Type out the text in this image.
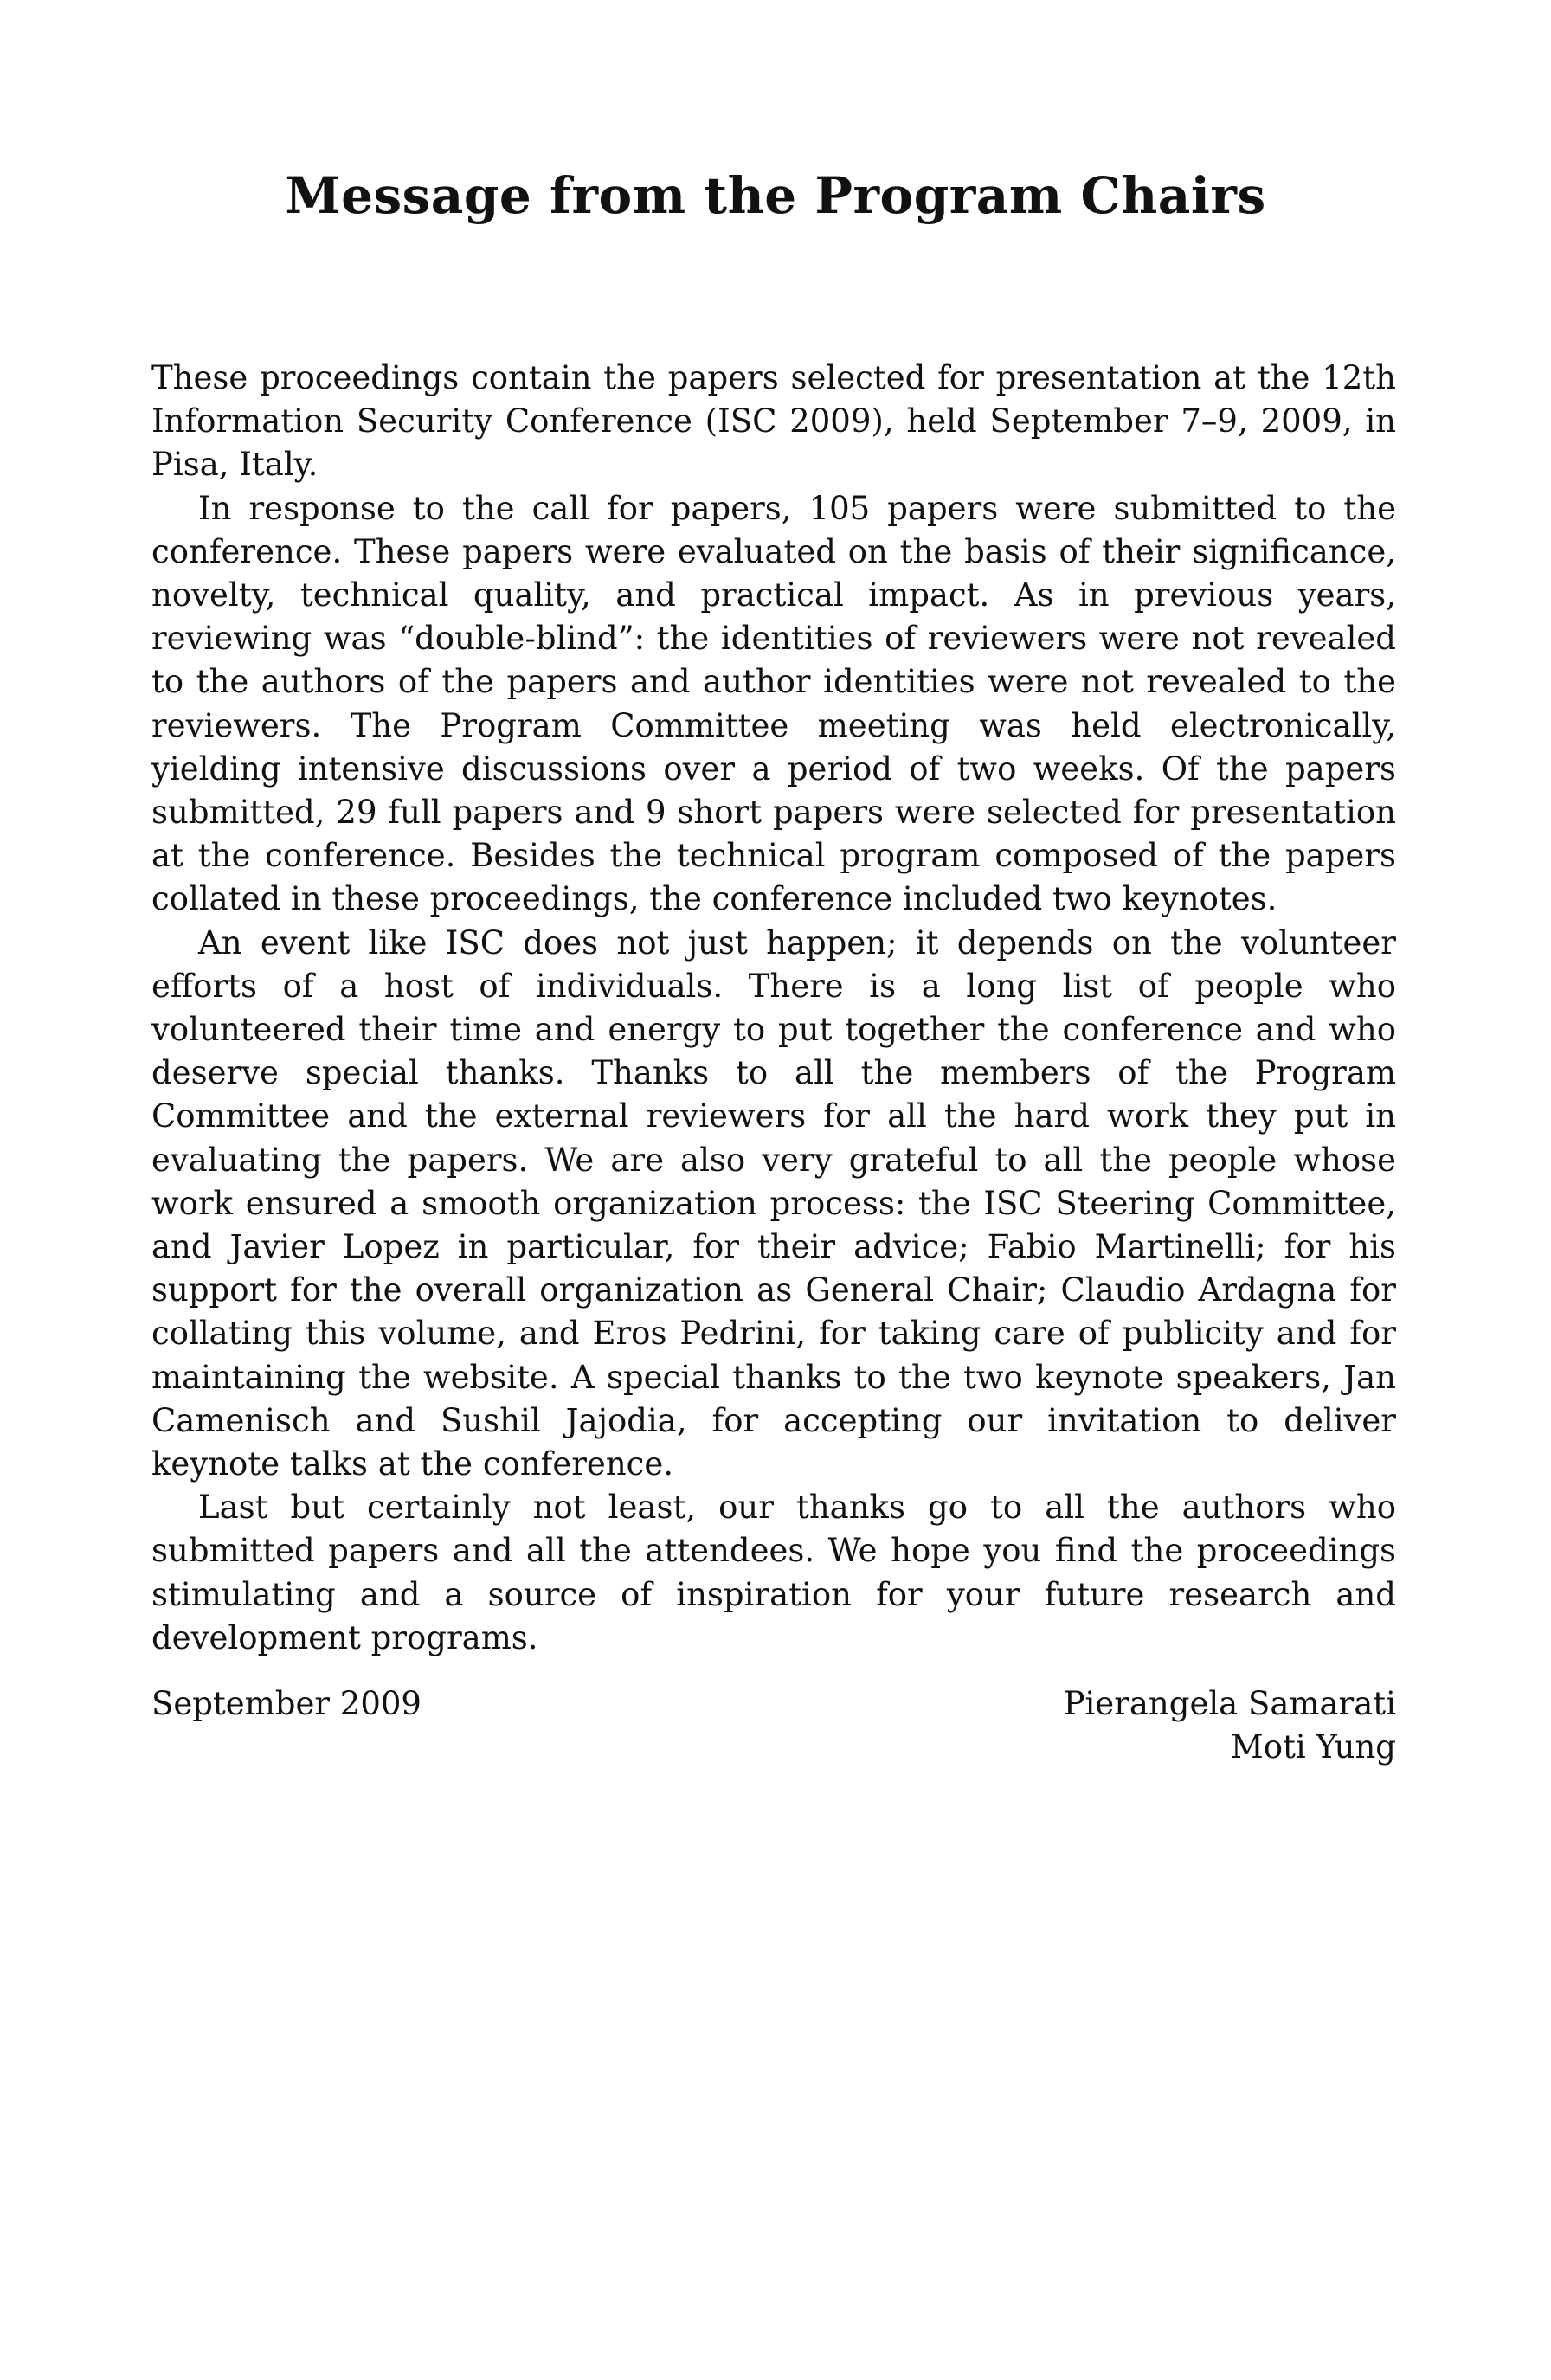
Message from the Program Chairs

These proceedings contain the papers selected for presentation at the 12th Information Security Conference (ISC 2009), held September 7–9, 2009, in Pisa, Italy.

In response to the call for papers, 105 papers were submitted to the conference. These papers were evaluated on the basis of their significance, novelty, technical quality, and practical impact. As in previous years, reviewing was “double-blind”: the identities of reviewers were not revealed to the authors of the papers and author identities were not revealed to the reviewers. The Program Committee meeting was held electronically, yielding intensive discussions over a period of two weeks. Of the papers submitted, 29 full papers and 9 short papers were selected for presentation at the conference. Besides the technical program composed of the papers collated in these proceedings, the conference included two keynotes.

An event like ISC does not just happen; it depends on the volunteer efforts of a host of individuals. There is a long list of people who volunteered their time and energy to put together the conference and who deserve special thanks. Thanks to all the members of the Program Committee and the external reviewers for all the hard work they put in evaluating the papers. We are also very grateful to all the people whose work ensured a smooth organization process: the ISC Steering Committee, and Javier Lopez in particular, for their advice; Fabio Martinelli; for his support for the overall organization as General Chair; Claudio Ardagna for collating this volume, and Eros Pedrini, for taking care of publicity and for maintaining the website. A special thanks to the two keynote speakers, Jan Camenisch and Sushil Jajodia, for accepting our invitation to deliver keynote talks at the conference.

Last but certainly not least, our thanks go to all the authors who submitted papers and all the attendees. We hope you find the proceedings stimulating and a source of inspiration for your future research and development programs.

September 2009	Pierangela Samarati
Moti Yung
